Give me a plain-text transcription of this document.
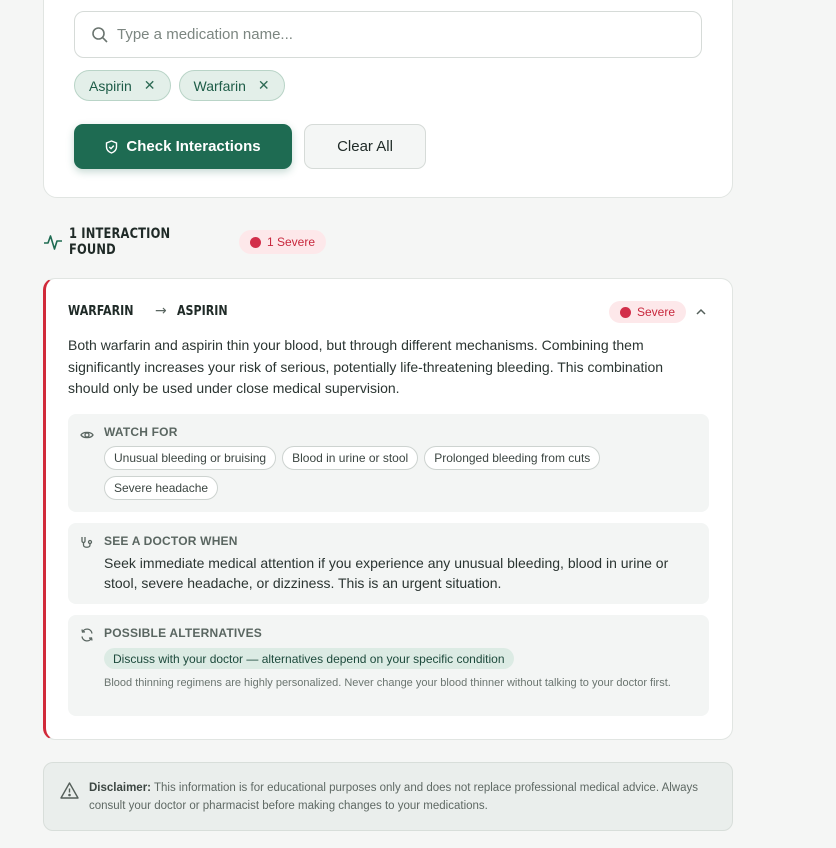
Type a medication name...
Aspirin ✕	Warfarin ✕
Check Interactions	Clear All
1 INTERACTION FOUND	1 Severe
WARFARIN → ASPIRIN	Severe

Both warfarin and aspirin thin your blood, but through different mechanisms. Combining them significantly increases your risk of serious, potentially life-threatening bleeding. This combination should only be used under close medical supervision.

WATCH FOR
Unusual bleeding or bruising	Blood in urine or stool	Prolonged bleeding from cuts
Severe headache
SEE A DOCTOR WHEN

Seek immediate medical attention if you experience any unusual bleeding, blood in urine or stool, severe headache, or dizziness. This is an urgent situation.

POSSIBLE ALTERNATIVES
Discuss with your doctor — alternatives depend on your specific condition

Blood thinning regimens are highly personalized. Never change your blood thinner without talking to your doctor first.

Disclaimer: This information is for educational purposes only and does not replace professional medical advice. Always consult your doctor or pharmacist before making changes to your medications.
